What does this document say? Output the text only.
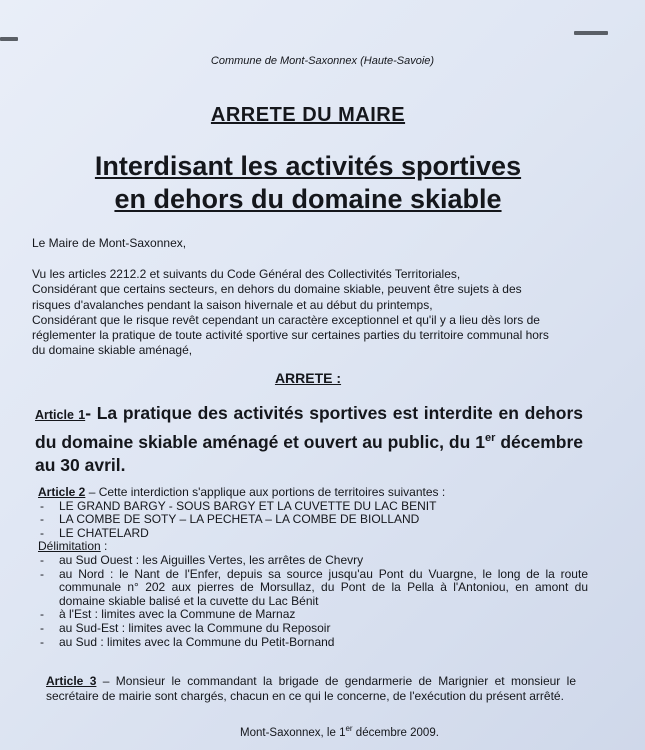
Commune de Mont-Saxonnex (Haute-Savoie)
ARRETE DU MAIRE
Interdisant les activités sportives
en dehors du domaine skiable
Le Maire de Mont-Saxonnex,
Vu les articles 2212.2 et suivants du Code Général des Collectivités Territoriales,
Considérant que certains secteurs, en dehors du domaine skiable, peuvent être sujets à des
risques d'avalanches pendant la saison hivernale et au début du printemps,
Considérant que le risque revêt cependant un caractère exceptionnel et qu'il y a lieu dès lors de
réglementer la pratique de toute activité sportive sur certaines parties du territoire communal hors
du domaine skiable aménagé,
ARRETE :
Article 1- La pratique des activités sportives est interdite en dehors du domaine skiable aménagé et ouvert au public, du 1er décembre au 30 avril.
Article 2 – Cette interdiction s'applique aux portions de territoires suivantes :
- LE GRAND BARGY - SOUS BARGY ET LA CUVETTE DU LAC BENIT
- LA COMBE DE SOTY – LA PECHETA – LA COMBE DE BIOLLAND
- LE CHATELARD
Délimitation :
- au Sud Ouest : les Aiguilles Vertes, les arrêtes de Chevry
- au Nord : le Nant de l'Enfer, depuis sa source jusqu'au Pont du Vuargne, le long de la route communale n° 202 aux pierres de Morsullaz, du Pont de la Pella à l'Antoniou, en amont du domaine skiable balisé et la cuvette du Lac Bénit
- à l'Est : limites avec la Commune de Marnaz
- au Sud-Est : limites avec la Commune du Reposoir
- au Sud : limites avec la Commune du Petit-Bornand
Article 3 – Monsieur le commandant la brigade de gendarmerie de Marignier et monsieur le secrétaire de mairie sont chargés, chacun en ce qui le concerne, de l'exécution du présent arrêté.
Mont-Saxonnex, le 1er décembre 2009.
